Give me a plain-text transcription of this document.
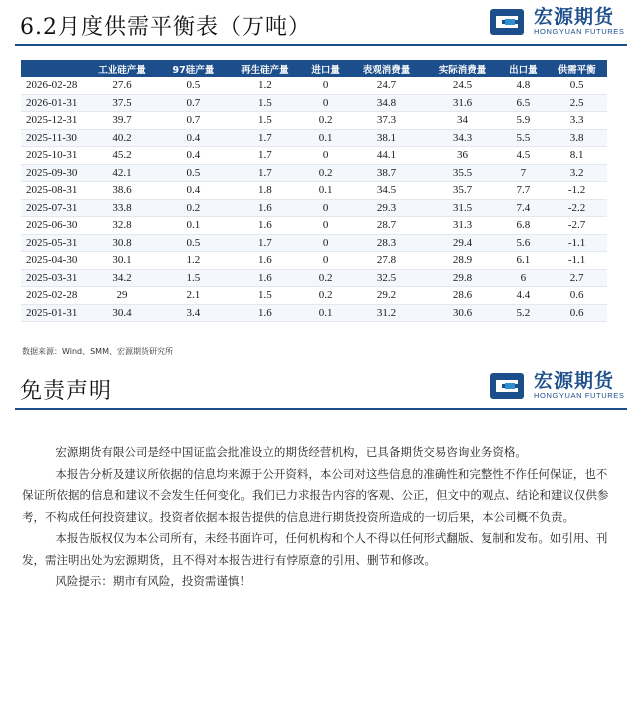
6.2月度供需平衡表（万吨）	宏源期货
HONGYUAN FUTURES
	工业硅产量	97硅产量	再生硅产量	进口量	表观消费量	实际消费量	出口量	供需平衡
2026-02-28	27.6	0.5	1.2	0	24.7	24.5	4.8	0.5
2026-01-31	37.5	0.7	1.5	0	34.8	31.6	6.5	2.5
2025-12-31	39.7	0.7	1.5	0.2	37.3	34	5.9	3.3
2025-11-30	40.2	0.4	1.7	0.1	38.1	34.3	5.5	3.8
2025-10-31	45.2	0.4	1.7	0	44.1	36	4.5	8.1
2025-09-30	42.1	0.5	1.7	0.2	38.7	35.5	7	3.2
2025-08-31	38.6	0.4	1.8	0.1	34.5	35.7	7.7	-1.2
2025-07-31	33.8	0.2	1.6	0	29.3	31.5	7.4	-2.2
2025-06-30	32.8	0.1	1.6	0	28.7	31.3	6.8	-2.7
2025-05-31	30.8	0.5	1.7	0	28.3	29.4	5.6	-1.1
2025-04-30	30.1	1.2	1.6	0	27.8	28.9	6.1	-1.1
2025-03-31	34.2	1.5	1.6	0.2	32.5	29.8	6	2.7
2025-02-28	29	2.1	1.5	0.2	29.2	28.6	4.4	0.6
2025-01-31	30.4	3.4	1.6	0.1	31.2	30.6	5.2	0.6
数据来源：Wind、SMM、宏源期货研究所
免责声明	宏源期货
HONGYUAN FUTURES

宏源期货有限公司是经中国证监会批准设立的期货经营机构，已具备期货交易咨询业务资格。

本报告分析及建议所依据的信息均来源于公开资料，本公司对这些信息的准确性和完整性不作任何保证，也不保证所依据的信息和建议不会发生任何变化。我们已力求报告内容的客观、公正，但文中的观点、结论和建议仅供参考，不构成任何投资建议。投资者依据本报告提供的信息进行期货投资所造成的一切后果，本公司概不负责。

本报告版权仅为本公司所有，未经书面许可，任何机构和个人不得以任何形式翻版、复制和发布。如引用、刊发，需注明出处为宏源期货，且不得对本报告进行有悖原意的引用、删节和修改。

风险提示：期市有风险，投资需谨慎！
